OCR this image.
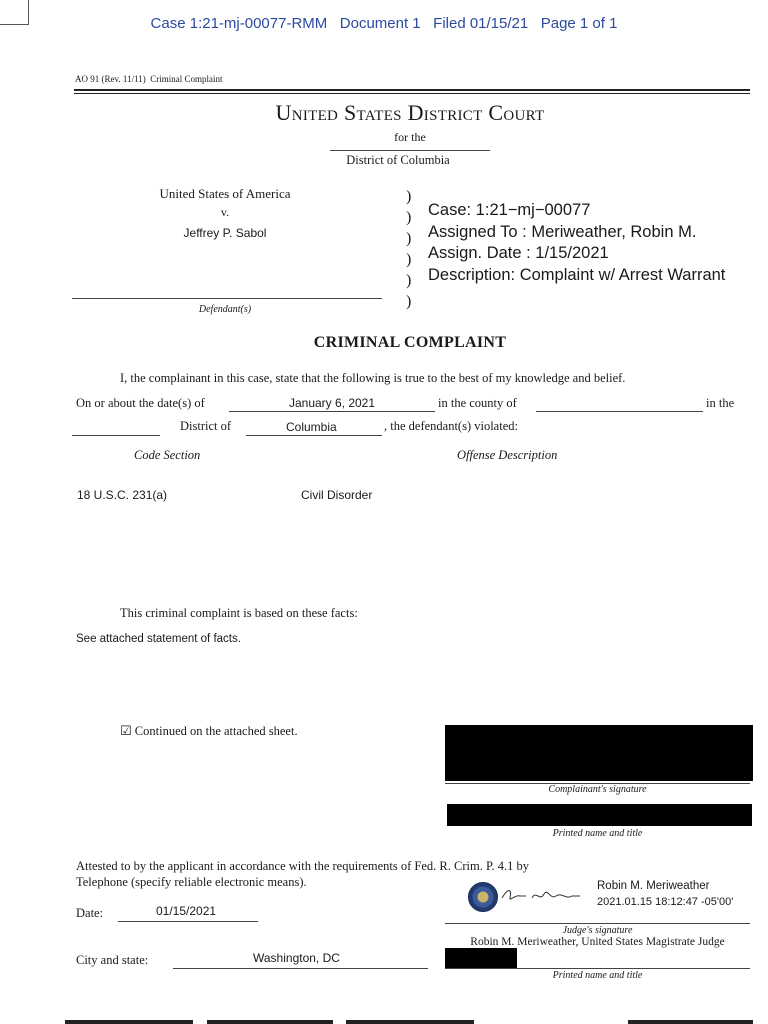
Case 1:21-mj-00077-RMM   Document 1   Filed 01/15/21   Page 1 of 1
AO 91 (Rev. 11/11)  Criminal Complaint
United States District Court
for the
District of Columbia
United States of America
v.
Jeffrey P. Sabol
Defendant(s)
)
)
)
)
)
)
Case: 1:21−mj−00077
Assigned To : Meriweather, Robin M.
Assign. Date : 1/15/2021
Description: Complaint w/ Arrest Warrant
CRIMINAL COMPLAINT
I, the complainant in this case, state that the following is true to the best of my knowledge and belief.
On or about the date(s) of	January 6, 2021	in the county of	in the
District of	Columbia	, the defendant(s) violated:
Code Section	Offense Description
18 U.S.C. 231(a)	Civil Disorder
This criminal complaint is based on these facts:
See attached statement of facts.
☑ Continued on the attached sheet.
Complainant's signature
Printed name and title
Attested to by the applicant in accordance with the requirements of Fed. R. Crim. P. 4.1 by
Telephone (specify reliable electronic means).
Date:	01/15/2021
Robin M. Meriweather
2021.01.15 18:12:47 -05'00'
Judge's signature
Robin M. Meriweather, United States Magistrate Judge
City and state:	Washington, DC
Printed name and title
